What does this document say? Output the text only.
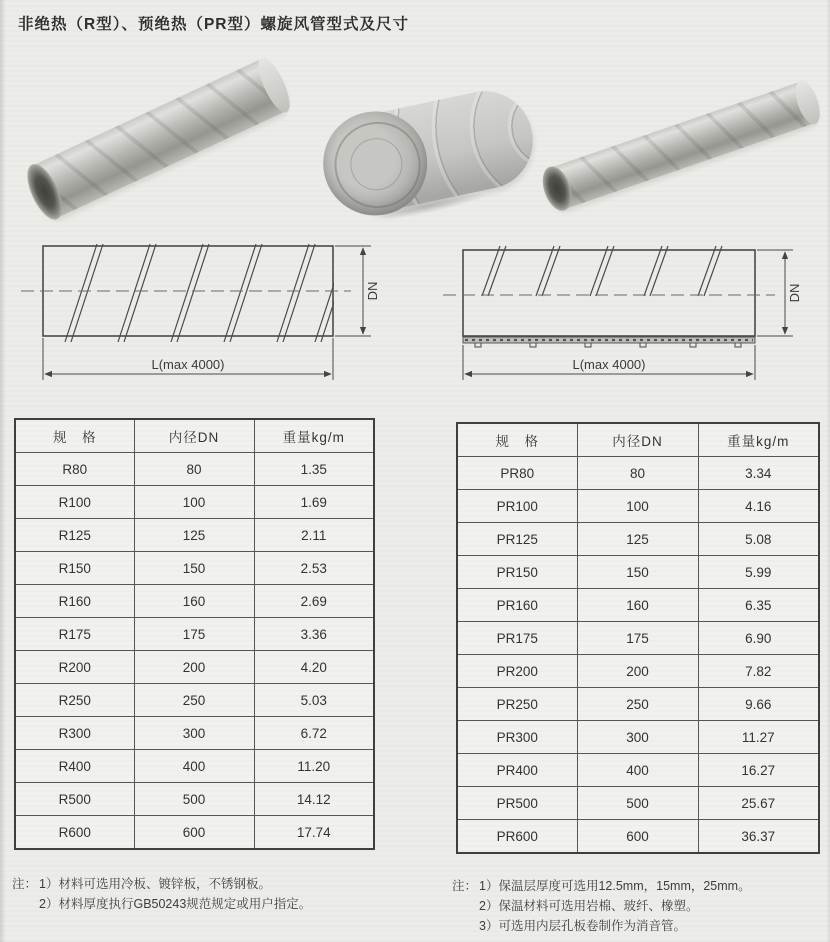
非绝热（R型）、预绝热（PR型）螺旋风管型式及尺寸
DN
L(max 4000)
DN
L(max 4000)
规　格	内径DN	重量kg/m
R80	80	1.35
R100	100	1.69
R125	125	2.11
R150	150	2.53
R160	160	2.69
R175	175	3.36
R200	200	4.20
R250	250	5.03
R300	300	6.72
R400	400	11.20
R500	500	14.12
R600	600	17.74
规　格	内径DN	重量kg/m
PR80	80	3.34
PR100	100	4.16
PR125	125	5.08
PR150	150	5.99
PR160	160	6.35
PR175	175	6.90
PR200	200	7.82
PR250	250	9.66
PR300	300	11.27
PR400	400	16.27
PR500	500	25.67
PR600	600	36.37
注： 1）材料可选用冷板、镀锌板，不锈钢板。
2）材料厚度执行GB50243规范规定或用户指定。
注： 1）保温层厚度可选用12.5mm，15mm，25mm。
2）保温材料可选用岩棉、玻纤、橡塑。
3）可选用内层孔板卷制作为消音管。
